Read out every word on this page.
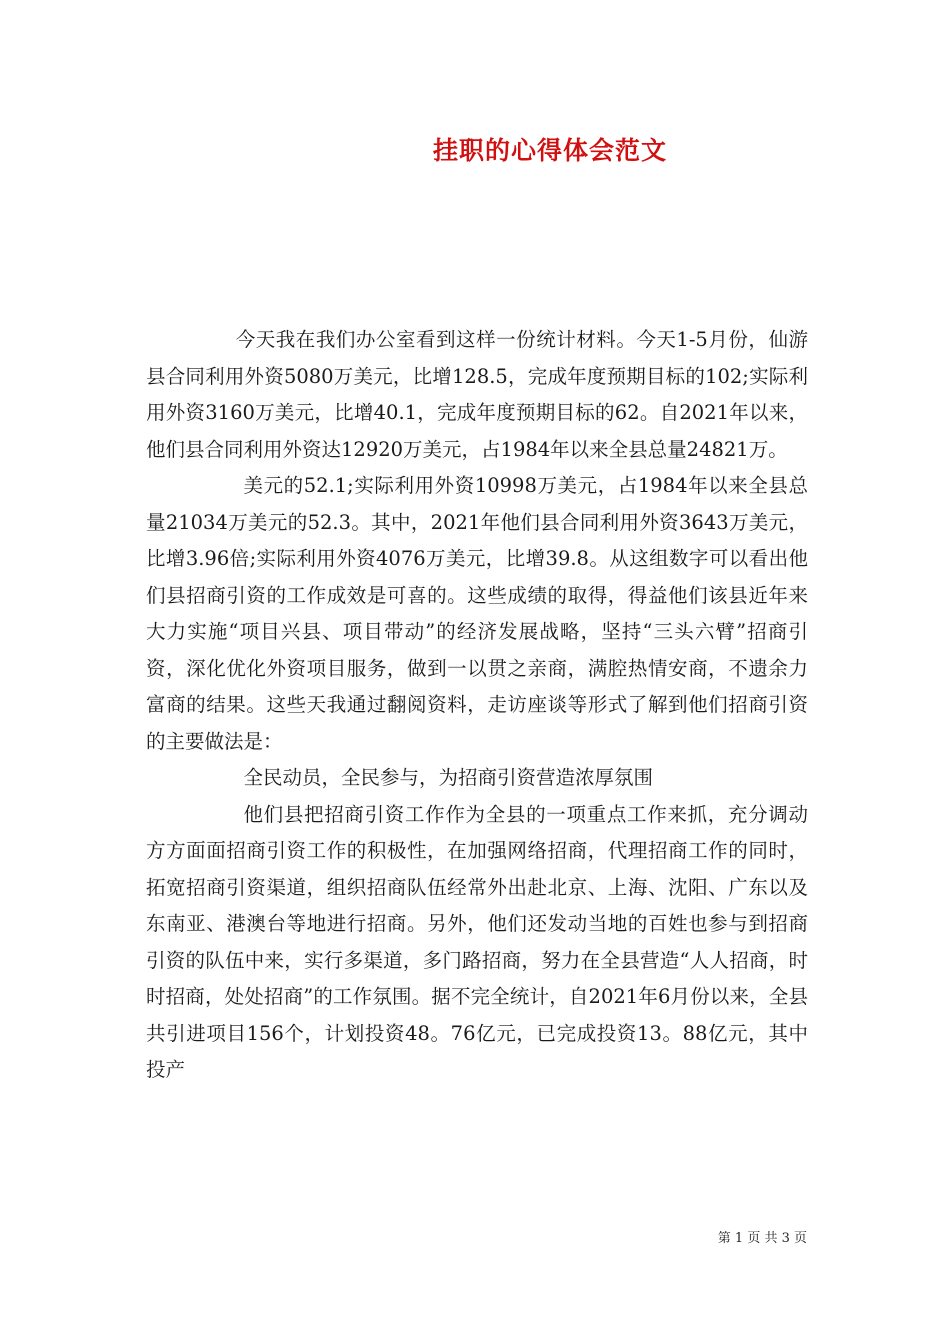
挂职的心得体会范文

今天我在我们办公室看到这样一份统计材料。今天1-5月份，仙游县合同利用外资5080万美元，比增128.5，完成年度预期目标的102;实际利用外资3160万美元，比增40.1，完成年度预期目标的62。自2021年以来，他们县合同利用外资达12920万美元，占1984年以来全县总量24821万。

美元的52.1;实际利用外资10998万美元，占1984年以来全县总量21034万美元的52.3。其中，2021年他们县合同利用外资3643万美元，比增3.96倍;实际利用外资4076万美元，比增39.8。从这组数字可以看出他们县招商引资的工作成效是可喜的。这些成绩的取得，得益他们该县近年来大力实施“项目兴县、项目带动”的经济发展战略，坚持“三头六臂”招商引资，深化优化外资项目服务，做到一以贯之亲商，满腔热情安商，不遗余力富商的结果。这些天我通过翻阅资料，走访座谈等形式了解到他们招商引资的主要做法是：

全民动员，全民参与，为招商引资营造浓厚氛围

他们县把招商引资工作作为全县的一项重点工作来抓，充分调动方方面面招商引资工作的积极性，在加强网络招商，代理招商工作的同时，拓宽招商引资渠道，组织招商队伍经常外出赴北京、上海、沈阳、广东以及东南亚、港澳台等地进行招商。另外，他们还发动当地的百姓也参与到招商引资的队伍中来，实行多渠道，多门路招商，努力在全县营造“人人招商，时时招商，处处招商”的工作氛围。据不完全统计，自2021年6月份以来，全县共引进项目156个，计划投资48。76亿元，已完成投资13。88亿元，其中投产

第 1 页 共 3 页
